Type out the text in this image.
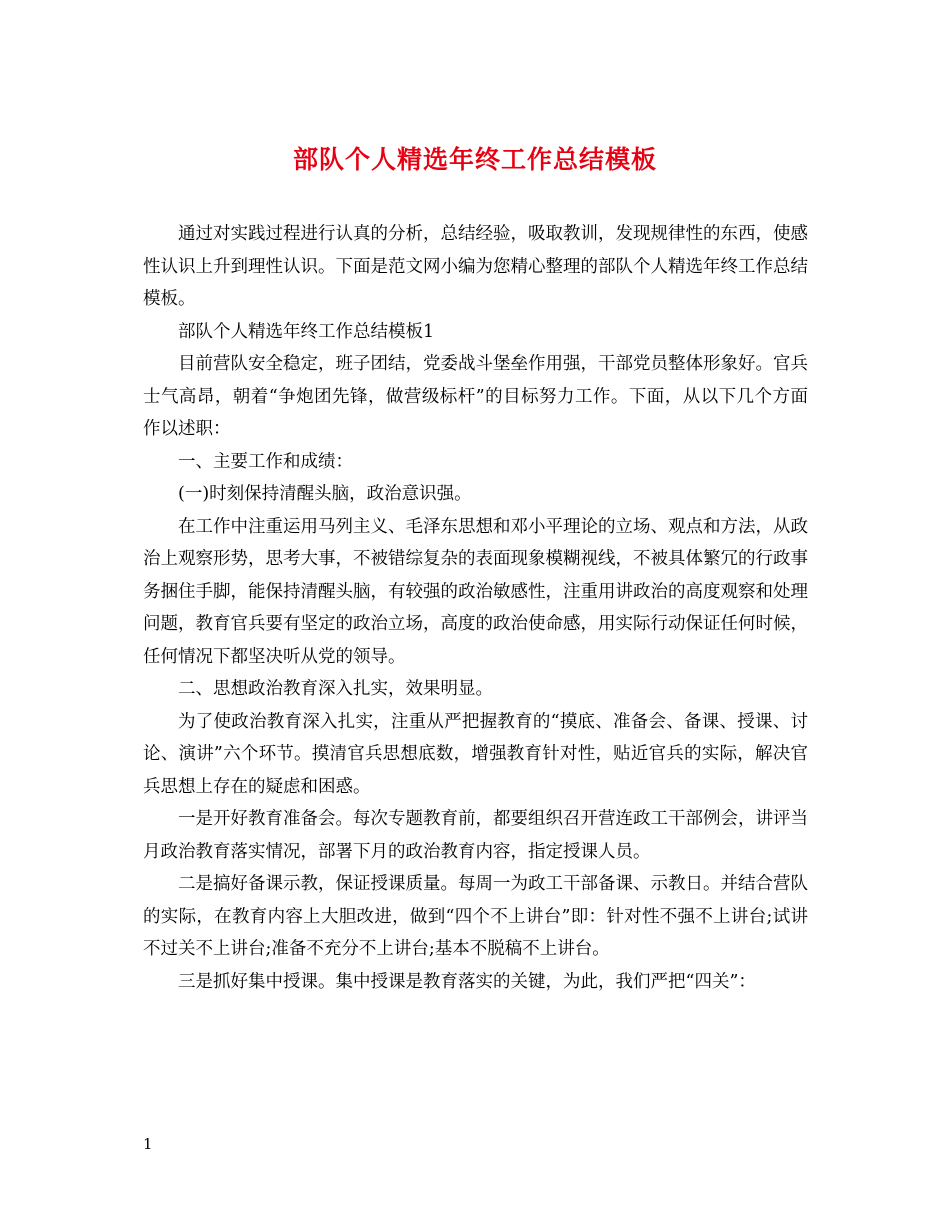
部队个人精选年终工作总结模板

通过对实践过程进行认真的分析，总结经验，吸取教训，发现规律性的东西，使感性认识上升到理性认识。下面是范文网小编为您精心整理的部队个人精选年终工作总结模板。

部队个人精选年终工作总结模板1

目前营队安全稳定，班子团结，党委战斗堡垒作用强，干部党员整体形象好。官兵士气高昂，朝着“争炮团先锋，做营级标杆”的目标努力工作。下面，从以下几个方面作以述职：

一、主要工作和成绩：

(一)时刻保持清醒头脑，政治意识强。

在工作中注重运用马列主义、毛泽东思想和邓小平理论的立场、观点和方法，从政治上观察形势，思考大事，不被错综复杂的表面现象模糊视线，不被具体繁冗的行政事务捆住手脚，能保持清醒头脑，有较强的政治敏感性，注重用讲政治的高度观察和处理问题，教育官兵要有坚定的政治立场，高度的政治使命感，用实际行动保证任何时候，任何情况下都坚决听从党的领导。

二、思想政治教育深入扎实，效果明显。

为了使政治教育深入扎实，注重从严把握教育的“摸底、准备会、备课、授课、讨论、演讲”六个环节。摸清官兵思想底数，增强教育针对性，贴近官兵的实际，解决官兵思想上存在的疑虑和困惑。

一是开好教育准备会。每次专题教育前，都要组织召开营连政工干部例会，讲评当月政治教育落实情况，部署下月的政治教育内容，指定授课人员。

二是搞好备课示教，保证授课质量。每周一为政工干部备课、示教日。并结合营队的实际，在教育内容上大胆改进，做到“四个不上讲台”即：针对性不强不上讲台;试讲不过关不上讲台;准备不充分不上讲台;基本不脱稿不上讲台。

三是抓好集中授课。集中授课是教育落实的关键，为此，我们严把“四关”：

1
